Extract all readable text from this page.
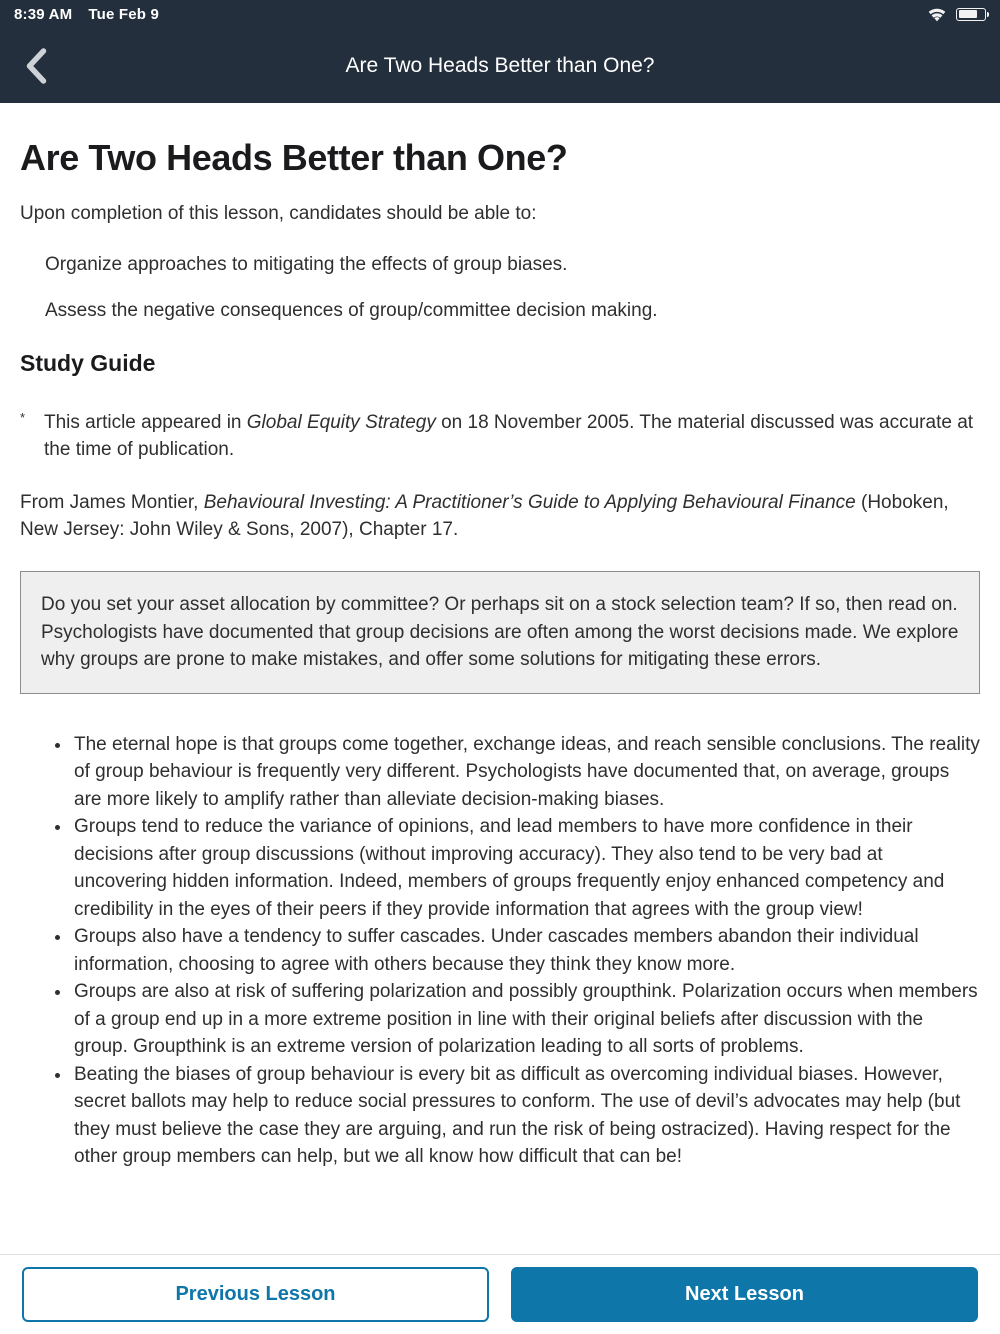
8:39 AM Tue Feb 9
Are Two Heads Better than One?
Are Two Heads Better than One?

Upon completion of this lesson, candidates should be able to:

Organize approaches to mitigating the effects of group biases.

Assess the negative consequences of group/committee decision making.

Study Guide
* This article appeared in Global Equity Strategy on 18 November 2005. The material discussed was accurate at the time of publication.

From James Montier, Behavioural Investing: A Practitioner’s Guide to Applying Behavioural Finance (Hoboken, New Jersey: John Wiley & Sons, 2007), Chapter 17.

Do you set your asset allocation by committee? Or perhaps sit on a stock selection team? If so, then read on. Psychologists have documented that group decisions are often among the worst decisions made. We explore why groups are prone to make mistakes, and offer some solutions for mitigating these errors.

• The eternal hope is that groups come together, exchange ideas, and reach sensible conclusions. The reality of group behaviour is frequently very different. Psychologists have documented that, on average, groups are more likely to amplify rather than alleviate decision-making biases.
• Groups tend to reduce the variance of opinions, and lead members to have more confidence in their decisions after group discussions (without improving accuracy). They also tend to be very bad at uncovering hidden information. Indeed, members of groups frequently enjoy enhanced competency and credibility in the eyes of their peers if they provide information that agrees with the group view!
• Groups also have a tendency to suffer cascades. Under cascades members abandon their individual information, choosing to agree with others because they think they know more.
• Groups are also at risk of suffering polarization and possibly groupthink. Polarization occurs when members of a group end up in a more extreme position in line with their original beliefs after discussion with the group. Groupthink is an extreme version of polarization leading to all sorts of problems.
• Beating the biases of group behaviour is every bit as difficult as overcoming individual biases. However, secret ballots may help to reduce social pressures to conform. The use of devil’s advocates may help (but they must believe the case they are arguing, and run the risk of being ostracized). Having respect for the other group members can help, but we all know how difficult that can be!
Previous Lesson	Next Lesson
